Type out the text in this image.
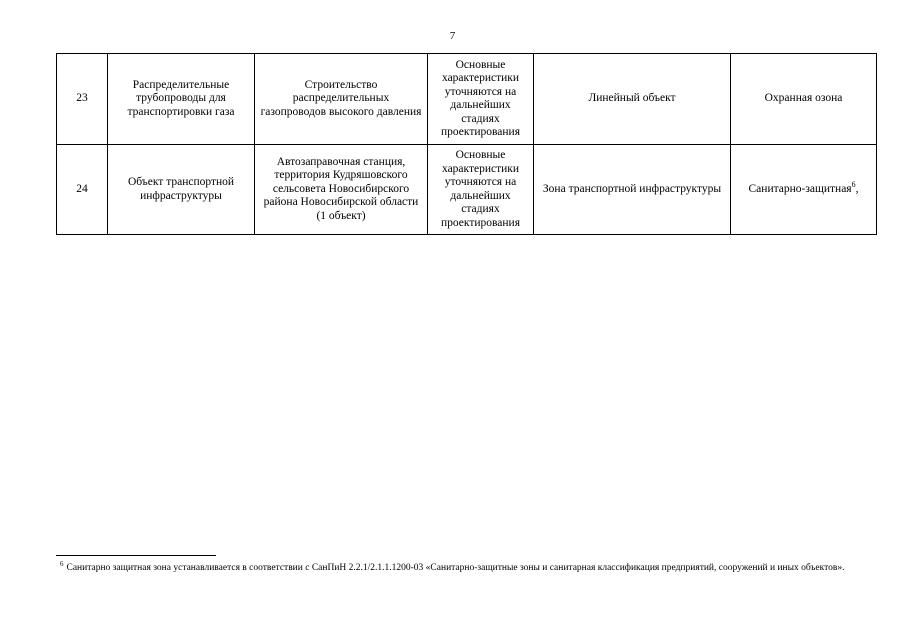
7
23	Распределительные трубопроводы для транспортировки газа	Строительство распределительных газопроводов высокого давления	Основные характеристики уточняются на дальнейших стадиях проектирования	Линейный объект	Охранная озона
24	Объект транспортной инфраструктуры	Автозаправочная станция, территория Кудряшовского сельсовета Новосибирского района Новосибирской области (1 объект)	Основные характеристики уточняются на дальнейших стадиях проектирования	Зона транспортной инфраструктуры	Санитарно-защитная$^6$,
$^6$ Санитарно защитная зона устанавливается в соответствии с СанПиН 2.2.1/2.1.1.1200-03 «Санитарно-защитные зоны и санитарная классификация предприятий, сооружений и иных объектов».
